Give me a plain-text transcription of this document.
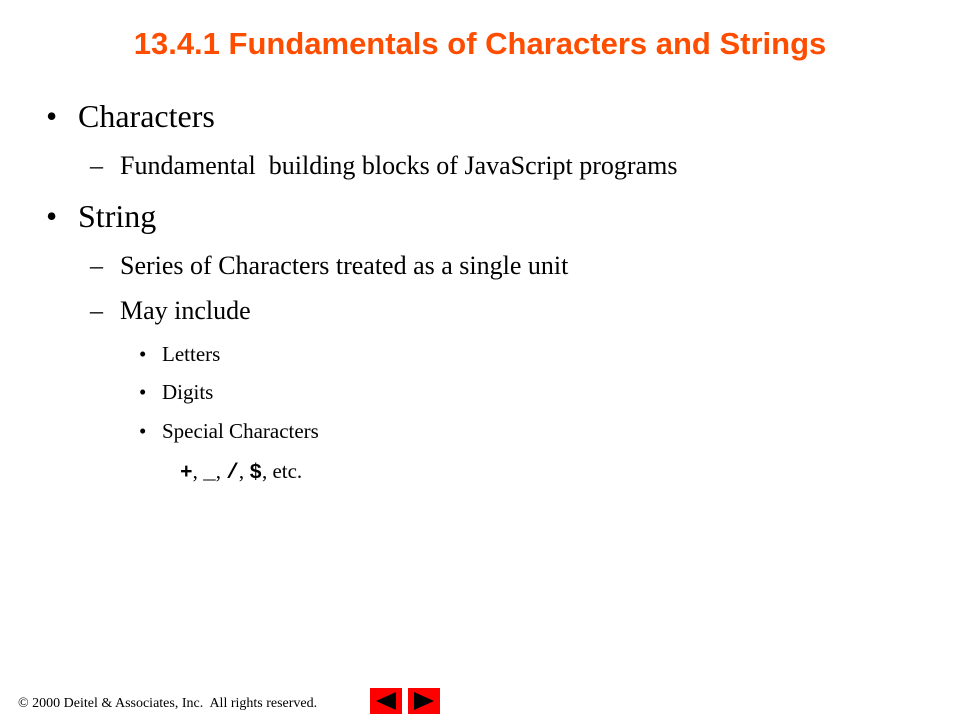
13.4.1 Fundamentals of Characters and Strings
• Characters
– Fundamental  building blocks of JavaScript programs
• String
– Series of Characters treated as a single unit
– May include
• Letters
• Digits
• Special Characters
+, _, /, $, etc.
© 2000 Deitel & Associates, Inc.  All rights reserved.
